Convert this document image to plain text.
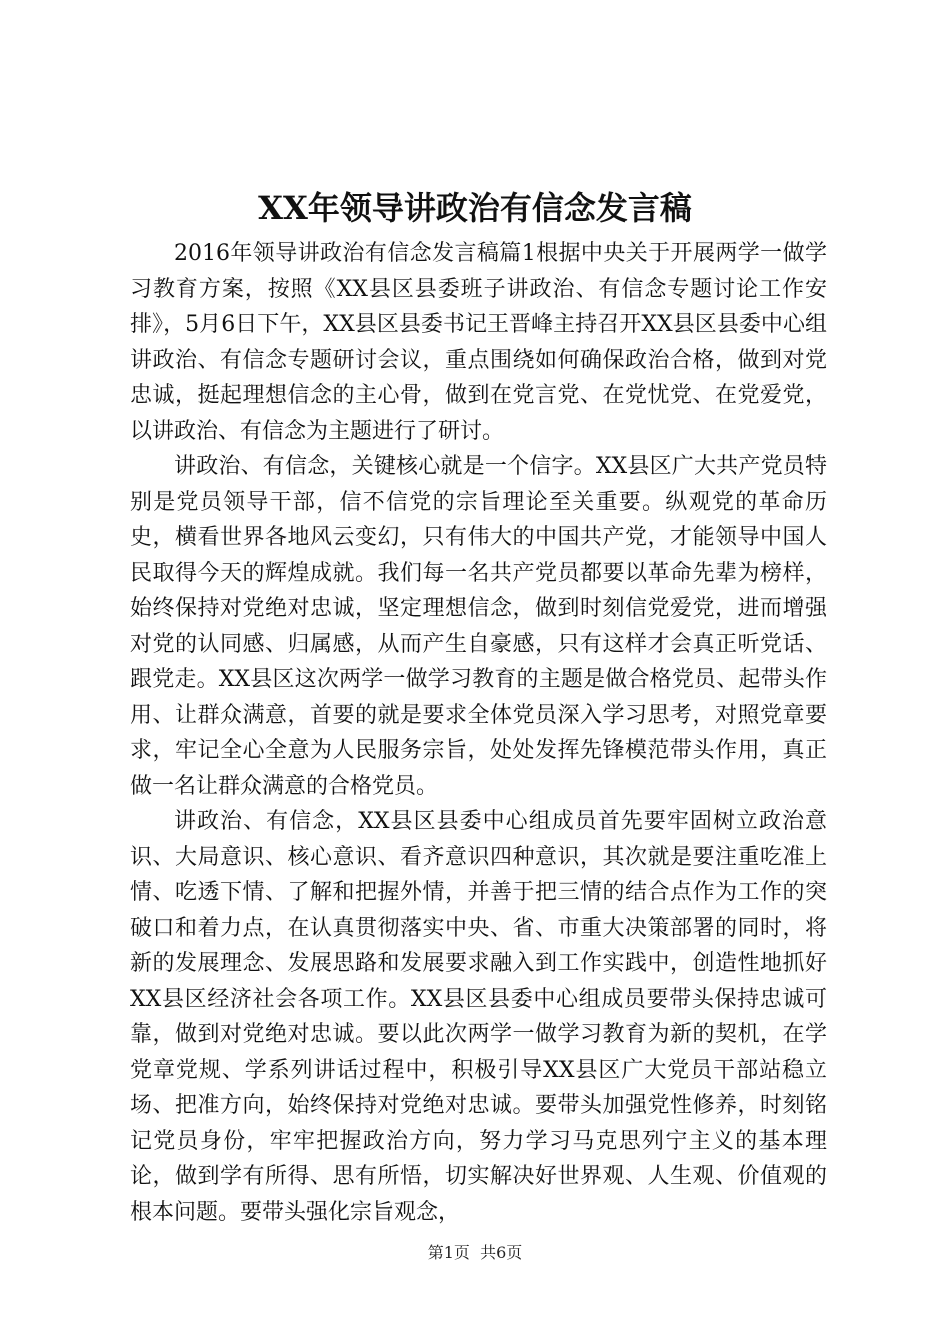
XX年领导讲政治有信念发言稿

2016年领导讲政治有信念发言稿篇1根据中央关于开展两学一做学习教育方案，按照《XX县区县委班子讲政治、有信念专题讨论工作安排》，5月6日下午，XX县区县委书记王晋峰主持召开XX县区县委中心组讲政治、有信念专题研讨会议，重点围绕如何确保政治合格，做到对党忠诚，挺起理想信念的主心骨，做到在党言党、在党忧党、在党爱党，以讲政治、有信念为主题进行了研讨。

讲政治、有信念，关键核心就是一个信字。XX县区广大共产党员特别是党员领导干部，信不信党的宗旨理论至关重要。纵观党的革命历史，横看世界各地风云变幻，只有伟大的中国共产党，才能领导中国人民取得今天的辉煌成就。我们每一名共产党员都要以革命先辈为榜样，始终保持对党绝对忠诚，坚定理想信念，做到时刻信党爱党，进而增强对党的认同感、归属感，从而产生自豪感，只有这样才会真正听党话、跟党走。XX县区这次两学一做学习教育的主题是做合格党员、起带头作用、让群众满意，首要的就是要求全体党员深入学习思考，对照党章要求，牢记全心全意为人民服务宗旨，处处发挥先锋模范带头作用，真正做一名让群众满意的合格党员。

讲政治、有信念，XX县区县委中心组成员首先要牢固树立政治意识、大局意识、核心意识、看齐意识四种意识，其次就是要注重吃准上情、吃透下情、了解和把握外情，并善于把三情的结合点作为工作的突破口和着力点，在认真贯彻落实中央、省、市重大决策部署的同时，将新的发展理念、发展思路和发展要求融入到工作实践中，创造性地抓好XX县区经济社会各项工作。XX县区县委中心组成员要带头保持忠诚可靠，做到对党绝对忠诚。要以此次两学一做学习教育为新的契机，在学党章党规、学系列讲话过程中，积极引导XX县区广大党员干部站稳立场、把准方向，始终保持对党绝对忠诚。要带头加强党性修养，时刻铭记党员身份，牢牢把握政治方向，努力学习马克思列宁主义的基本理论，做到学有所得、思有所悟，切实解决好世界观、人生观、价值观的根本问题。要带头强化宗旨观念，

第1页  共6页
